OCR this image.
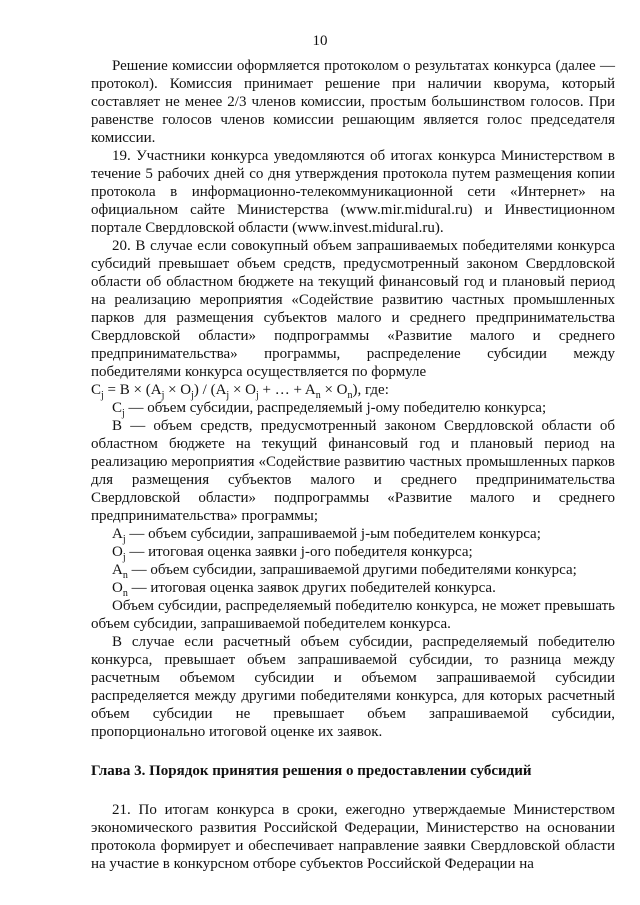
10

Решение комиссии оформляется протоколом о результатах конкурса (далее — протокол). Комиссия принимает решение при наличии кворума, который составляет не менее 2/3 членов комиссии, простым большинством голосов. При равенстве голосов членов комиссии решающим является голос председателя комиссии.

19. Участники конкурса уведомляются об итогах конкурса Министерством в течение 5 рабочих дней со дня утверждения протокола путем размещения копии протокола в информационно-телекоммуникационной сети «Интернет» на официальном сайте Министерства (www.mir.midural.ru) и Инвестиционном портале Свердловской области (www.invest.midural.ru).

20. В случае если совокупный объем запрашиваемых победителями конкурса субсидий превышает объем средств, предусмотренный законом Свердловской области об областном бюджете на текущий финансовый год и плановый период на реализацию мероприятия «Содействие развитию частных промышленных парков для размещения субъектов малого и среднего предпринимательства Свердловской области» подпрограммы «Развитие малого и среднего предпринимательства» программы, распределение субсидии между победителями конкурса осуществляется по формуле

$C_j = B \times (A_j \times O_j) / (A_j \times O_j$ + … + $A_n \times O_n$), где:

$C_j$ — объем субсидии, распределяемый j-ому победителю конкурса;

B — объем средств, предусмотренный законом Свердловской области об областном бюджете на текущий финансовый год и плановый период на реализацию мероприятия «Содействие развитию частных промышленных парков для размещения субъектов малого и среднего предпринимательства Свердловской области» подпрограммы «Развитие малого и среднего предпринимательства» программы;

$A_j$ — объем субсидии, запрашиваемой j-ым победителем конкурса;

$O_j$ — итоговая оценка заявки j-ого победителя конкурса;

$A_n$ — объем субсидии, запрашиваемой другими победителями конкурса;

$O_n$ — итоговая оценка заявок других победителей конкурса.

Объем субсидии, распределяемый победителю конкурса, не может превышать объем субсидии, запрашиваемой победителем конкурса.

В случае если расчетный объем субсидии, распределяемый победителю конкурса, превышает объем запрашиваемой субсидии, то разница между расчетным объемом субсидии и объемом запрашиваемой субсидии распределяется между другими победителями конкурса, для которых расчетный объем субсидии не превышает объем запрашиваемой субсидии, пропорционально итоговой оценке их заявок.

Глава 3. Порядок принятия решения о предоставлении субсидий

21. По итогам конкурса в сроки, ежегодно утверждаемые Министерством экономического развития Российской Федерации, Министерство на основании протокола формирует и обеспечивает направление заявки Свердловской области на участие в конкурсном отборе субъектов Российской Федерации на
